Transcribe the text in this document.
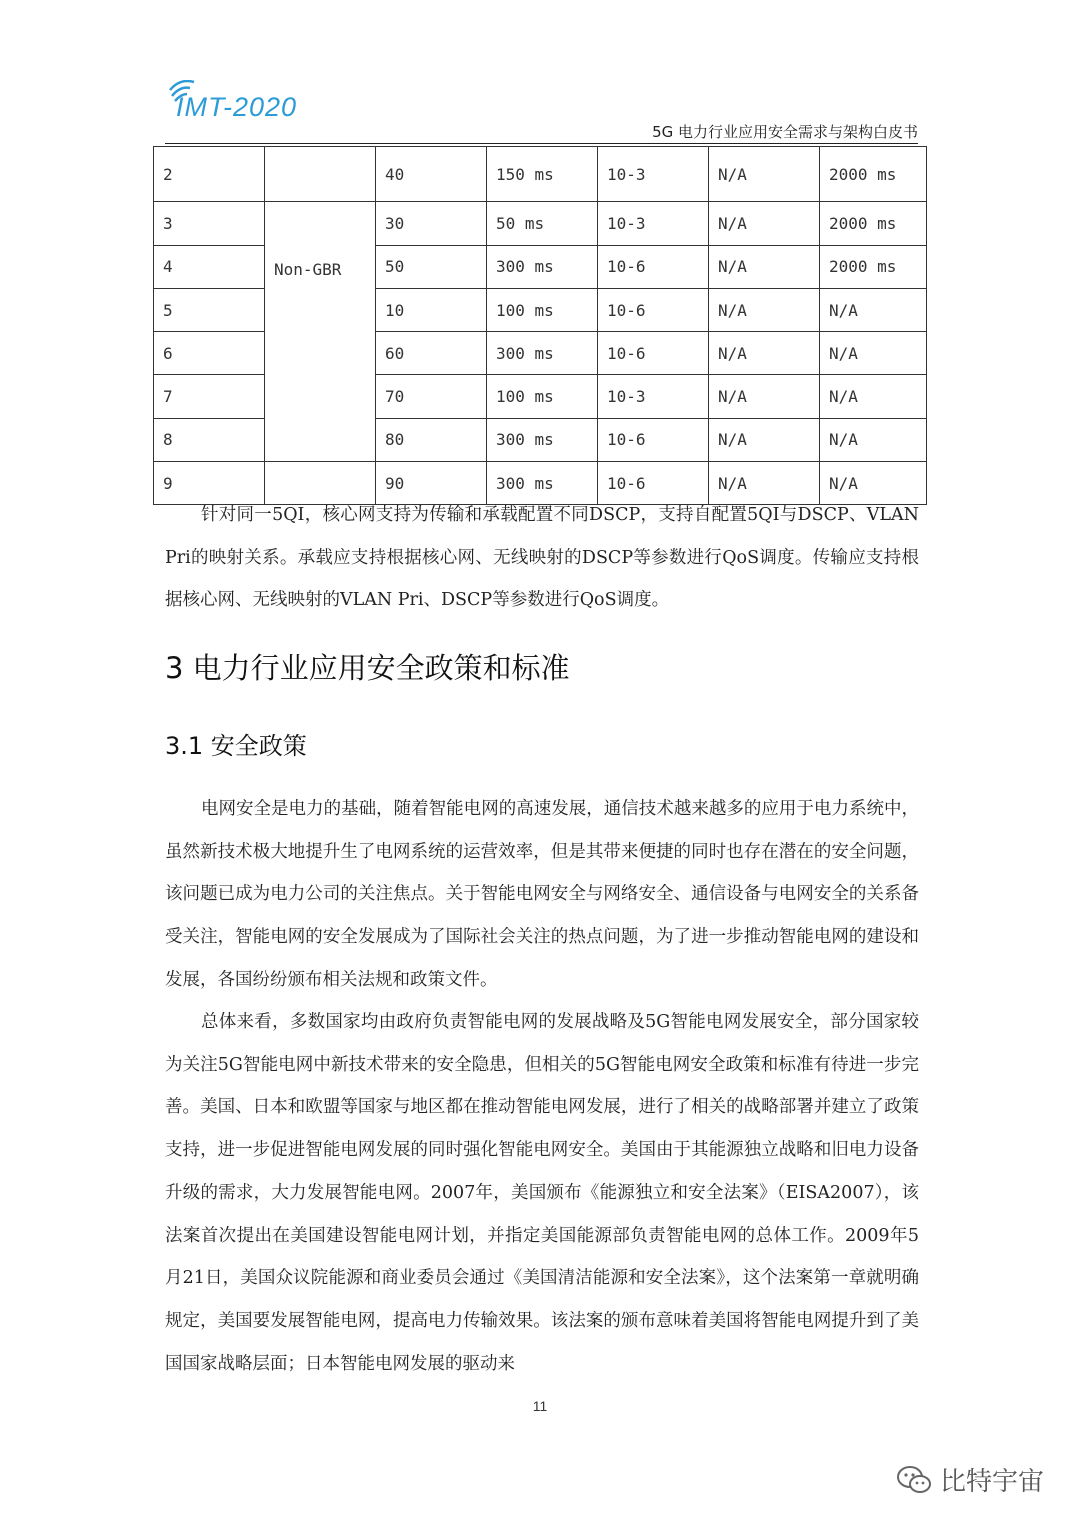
IMT-2020
5G 电力行业应用安全需求与架构白皮书
2		40	150 ms	10-3	N/A	2000 ms
3	Non-GBR	30	50 ms	10-3	N/A	2000 ms
4		50	300 ms	10-6	N/A	2000 ms
5		10	100 ms	10-6	N/A	N/A
6		60	300 ms	10-6	N/A	N/A
7		70	100 ms	10-3	N/A	N/A
8		80	300 ms	10-6	N/A	N/A
9		90	300 ms	10-6	N/A	N/A

针对同一5QI，核心网支持为传输和承载配置不同DSCP，支持自配置5QI与DSCP、VLAN Pri的映射关系。承载应支持根据核心网、无线映射的DSCP等参数进行QoS调度。传输应支持根据核心网、无线映射的VLAN Pri、DSCP等参数进行QoS调度。

3 电力行业应用安全政策和标准
3.1 安全政策

电网安全是电力的基础，随着智能电网的高速发展，通信技术越来越多的应用于电力系统中，虽然新技术极大地提升生了电网系统的运营效率，但是其带来便捷的同时也存在潜在的安全问题，该问题已成为电力公司的关注焦点。关于智能电网安全与网络安全、通信设备与电网安全的关系备受关注，智能电网的安全发展成为了国际社会关注的热点问题，为了进一步推动智能电网的建设和发展，各国纷纷颁布相关法规和政策文件。

总体来看，多数国家均由政府负责智能电网的发展战略及5G智能电网发展安全，部分国家较为关注5G智能电网中新技术带来的安全隐患，但相关的5G智能电网安全政策和标准有待进一步完善。美国、日本和欧盟等国家与地区都在推动智能电网发展，进行了相关的战略部署并建立了政策支持，进一步促进智能电网发展的同时强化智能电网安全。美国由于其能源独立战略和旧电力设备升级的需求，大力发展智能电网。2007年，美国颁布《能源独立和安全法案》（EISA2007），该法案首次提出在美国建设智能电网计划，并指定美国能源部负责智能电网的总体工作。2009年5月21日，美国众议院能源和商业委员会通过《美国清洁能源和安全法案》，这个法案第一章就明确规定，美国要发展智能电网，提高电力传输效果。该法案的颁布意味着美国将智能电网提升到了美国国家战略层面；日本智能电网发展的驱动来

11
比特宇宙
